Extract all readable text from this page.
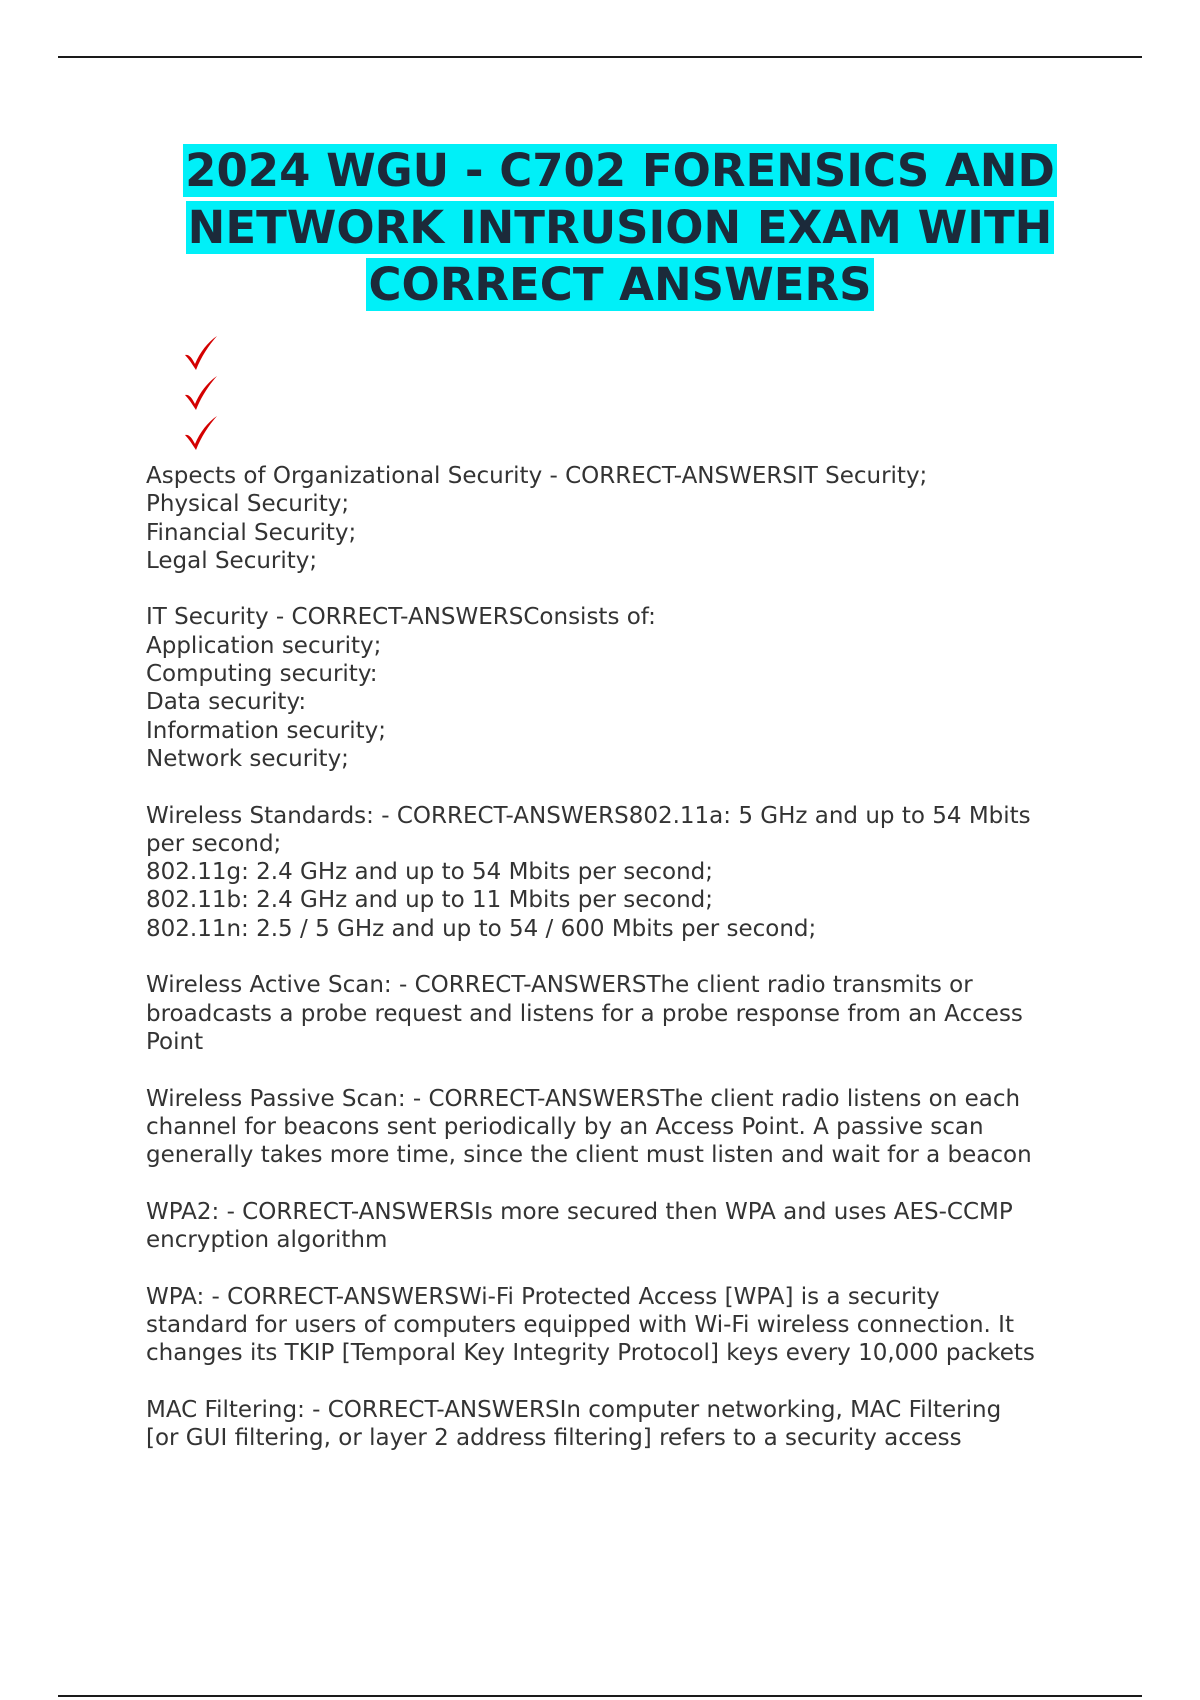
2024 WGU - C702 FORENSICS AND
NETWORK INTRUSION EXAM WITH
CORRECT ANSWERS
Aspects of Organizational Security - CORRECT-ANSWERSIT Security;
Physical Security;
Financial Security;
Legal Security;
IT Security - CORRECT-ANSWERSConsists of:
Application security;
Computing security:
Data security:
Information security;
Network security;
Wireless Standards: - CORRECT-ANSWERS802.11a: 5 GHz and up to 54 Mbits
per second;
802.11g: 2.4 GHz and up to 54 Mbits per second;
802.11b: 2.4 GHz and up to 11 Mbits per second;
802.11n: 2.5 / 5 GHz and up to 54 / 600 Mbits per second;
Wireless Active Scan: - CORRECT-ANSWERSThe client radio transmits or
broadcasts a probe request and listens for a probe response from an Access
Point
Wireless Passive Scan: - CORRECT-ANSWERSThe client radio listens on each
channel for beacons sent periodically by an Access Point. A passive scan
generally takes more time, since the client must listen and wait for a beacon
WPA2: - CORRECT-ANSWERSIs more secured then WPA and uses AES-CCMP
encryption algorithm
WPA: - CORRECT-ANSWERSWi-Fi Protected Access [WPA] is a security
standard for users of computers equipped with Wi-Fi wireless connection. It
changes its TKIP [Temporal Key Integrity Protocol] keys every 10,000 packets
MAC Filtering: - CORRECT-ANSWERSIn computer networking, MAC Filtering
[or GUI filtering, or layer 2 address filtering] refers to a security access
